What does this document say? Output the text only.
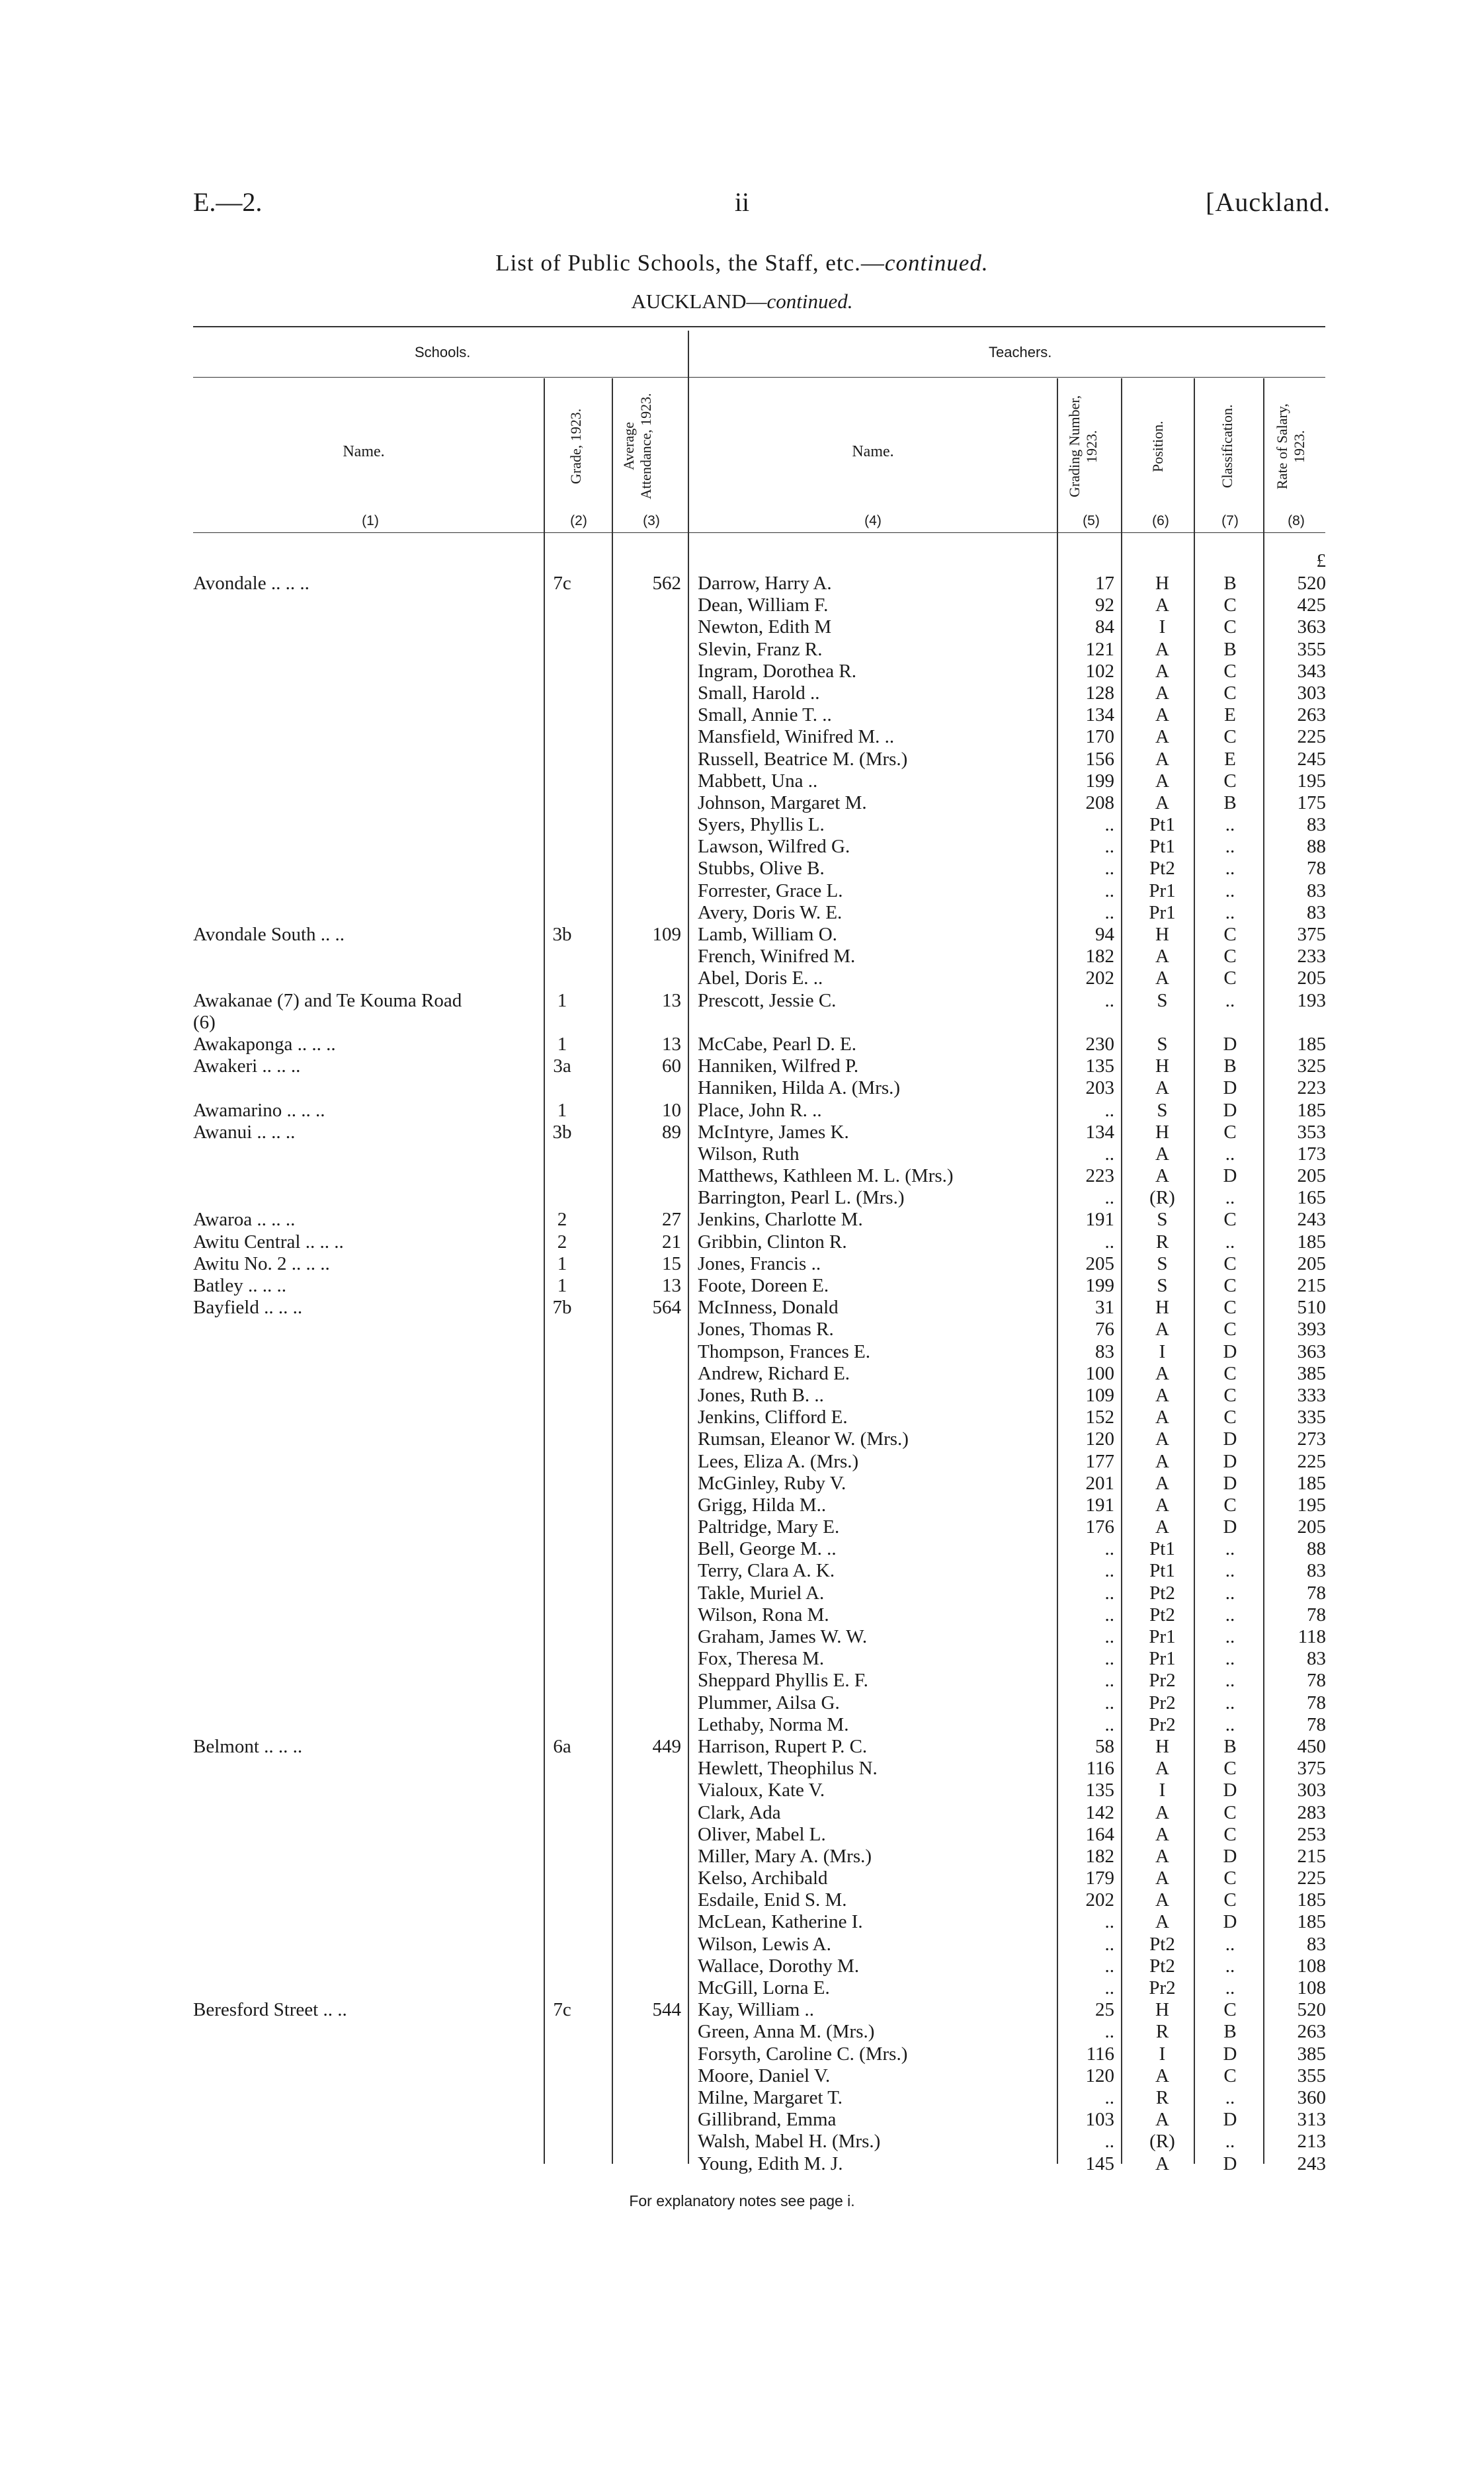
E.—2.	ii	[Auckland.
List of Public Schools, the Staff, etc.—continued.
AUCKLAND—continued.
Schools.	Teachers.
Name.	Grade, 1923.	Average Attendance, 1923.	Name.	Grading Number, 1923.	Position.	Classification.	Rate of Salary, 1923.
(1)	(2)	(3)	(4)	(5)	(6)	(7)	(8)
£
Avondale .. .. ..	7c	562 Darrow, Harry A.	17	H	B	520
Dean, William F.	92	A	C	425
Newton, Edith M	84	I	C	363
Slevin, Franz R.	121	A	B	355
Ingram, Dorothea R.	102	A	C	343
Small, Harold ..	128	A	C	303
Small, Annie T. ..	134	A	E	263
Mansfield, Winifred M. ..	170	A	C	225
Russell, Beatrice M. (Mrs.)	156	A	E	245
Mabbett, Una ..	199	A	C	195
Johnson, Margaret M.	208	A	B	175
Syers, Phyllis L.	..	Pt1	..	83
Lawson, Wilfred G.	..	Pt1	..	88
Stubbs, Olive B.	..	Pt2	..	78
Forrester, Grace L.	..	Pr1	..	83
Avery, Doris W. E.	..	Pr1	..	83
Avondale South .. ..	3b	109 Lamb, William O.	94	H	C	375
French, Winifred M.	182	A	C	233
Abel, Doris E. ..	202	A	C	205
Awakanae (7) and Te Kouma Road	1	13 Prescott, Jessie C.	..	S	..	193
(6)
Awakaponga .. .. ..	1	13 McCabe, Pearl D. E.	230	S	D	185
Awakeri .. .. ..	3a	60 Hanniken, Wilfred P.	135	H	B	325
Hanniken, Hilda A. (Mrs.)	203	A	D	223
Awamarino .. .. ..	1	10 Place, John R. ..	..	S	D	185
Awanui .. .. ..	3b	89 McIntyre, James K.	134	H	C	353
Wilson, Ruth	..	A	..	173
Matthews, Kathleen M. L. (Mrs.)	223	A	D	205
Barrington, Pearl L. (Mrs.)	..	(R)	..	165
Awaroa .. .. ..	2	27 Jenkins, Charlotte M.	191	S	C	243
Awitu Central .. .. ..	2	21 Gribbin, Clinton R.	..	R	..	185
Awitu No. 2 .. .. ..	1	15 Jones, Francis ..	205	S	C	205
Batley .. .. ..	1	13 Foote, Doreen E.	199	S	C	215
Bayfield .. .. ..	7b	564 McInness, Donald	31	H	C	510
Jones, Thomas R.	76	A	C	393
Thompson, Frances E.	83	I	D	363
Andrew, Richard E.	100	A	C	385
Jones, Ruth B. ..	109	A	C	333
Jenkins, Clifford E.	152	A	C	335
Rumsan, Eleanor W. (Mrs.)	120	A	D	273
Lees, Eliza A. (Mrs.)	177	A	D	225
McGinley, Ruby V.	201	A	D	185
Grigg, Hilda M..	191	A	C	195
Paltridge, Mary E.	176	A	D	205
Bell, George M. ..	..	Pt1	..	88
Terry, Clara A. K.	..	Pt1	..	83
Takle, Muriel A.	..	Pt2	..	78
Wilson, Rona M.	..	Pt2	..	78
Graham, James W. W.	..	Pr1	..	118
Fox, Theresa M.	..	Pr1	..	83
Sheppard Phyllis E. F.	..	Pr2	..	78
Plummer, Ailsa G.	..	Pr2	..	78
Lethaby, Norma M.	..	Pr2	..	78
Belmont .. .. ..	6a	449 Harrison, Rupert P. C.	58	H	B	450
Hewlett, Theophilus N.	116	A	C	375
Vialoux, Kate V.	135	I	D	303
Clark, Ada	142	A	C	283
Oliver, Mabel L.	164	A	C	253
Miller, Mary A. (Mrs.)	182	A	D	215
Kelso, Archibald	179	A	C	225
Esdaile, Enid S. M.	202	A	C	185
McLean, Katherine I.	..	A	D	185
Wilson, Lewis A.	..	Pt2	..	83
Wallace, Dorothy M.	..	Pt2	..	108
McGill, Lorna E.	..	Pr2	..	108
Beresford Street .. ..	7c	544 Kay, William ..	25	H	C	520
Green, Anna M. (Mrs.)	..	R	B	263
Forsyth, Caroline C. (Mrs.)	116	I	D	385
Moore, Daniel V.	120	A	C	355
Milne, Margaret T.	..	R	..	360
Gillibrand, Emma	103	A	D	313
Walsh, Mabel H. (Mrs.)	..	(R)	..	213
Young, Edith M. J.	145	A	D	243
For explanatory notes see page i.
